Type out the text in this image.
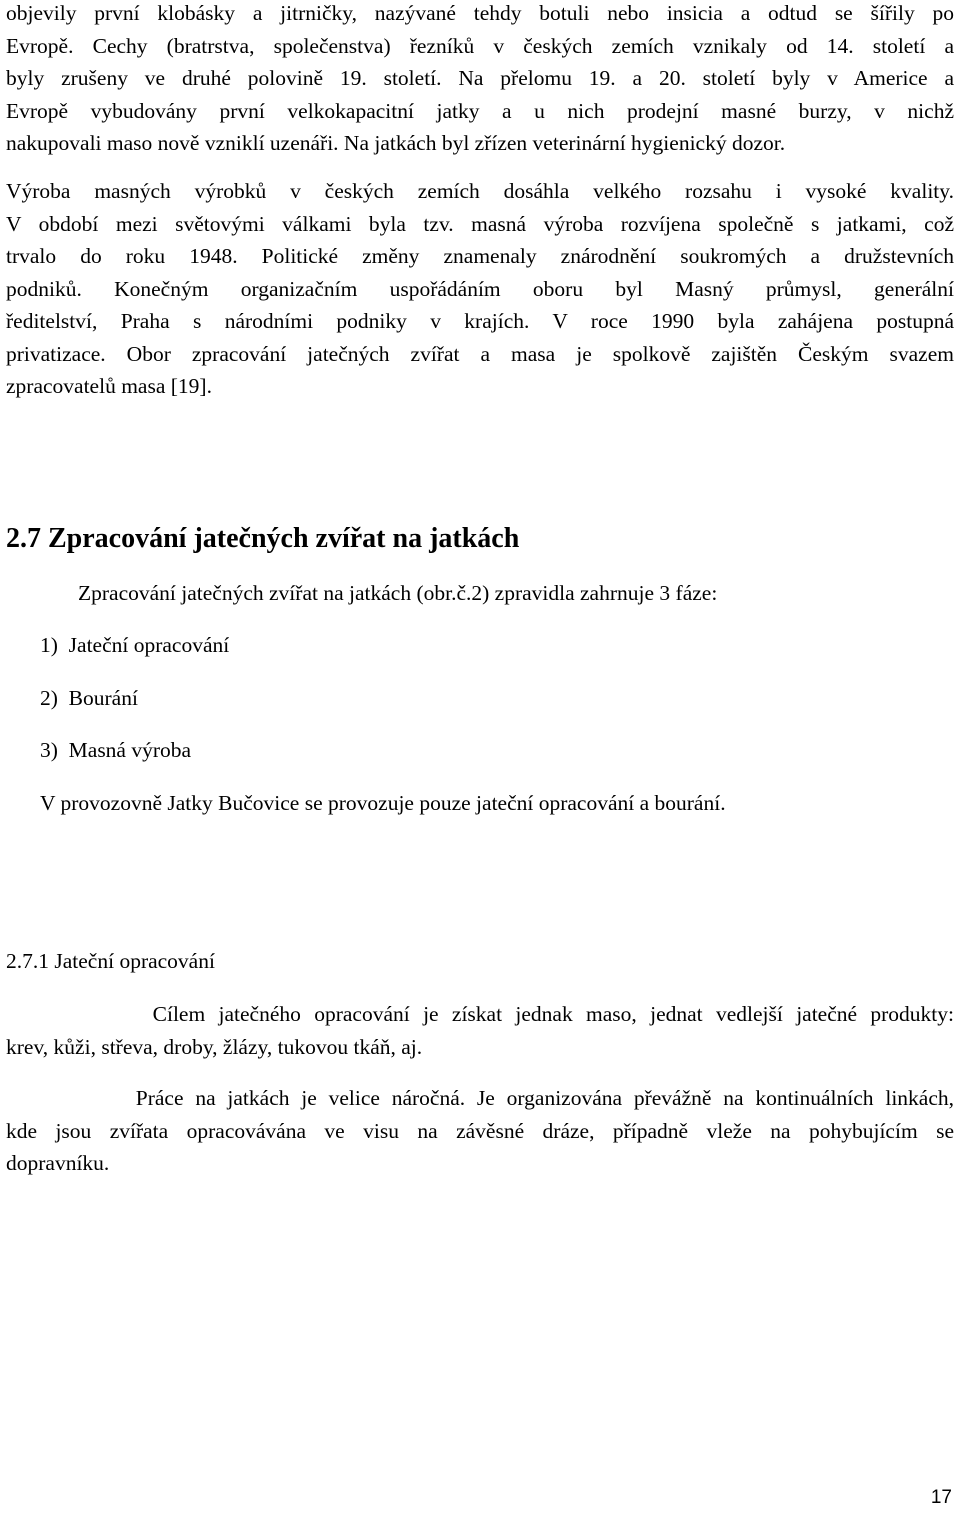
objevily první klobásky a jitrničky, nazývané tehdy botuli nebo insicia a odtud se šířily po
Evropě. Cechy (bratrstva, společenstva) řezníků v českých zemích vznikaly od 14. století a
byly zrušeny ve druhé polovině 19. století. Na přelomu 19. a 20. století byly v Americe a
Evropě vybudovány první velkokapacitní jatky a u nich prodejní masné burzy, v nichž
nakupovali maso nově vzniklí uzenáři. Na jatkách byl zřízen veterinární hygienický dozor.
Výroba masných výrobků v českých zemích dosáhla velkého rozsahu i vysoké kvality.
V období mezi světovými válkami byla tzv. masná výroba rozvíjena společně s jatkami, což
trvalo do roku 1948. Politické změny znamenaly znárodnění soukromých a družstevních
podniků. Konečným organizačním uspořádáním oboru byl Masný průmysl, generální
ředitelství, Praha s národními podniky v krajích. V roce 1990 byla zahájena postupná
privatizace. Obor zpracování jatečných zvířat a masa je spolkově zajištěn Českým svazem
zpracovatelů masa [19].
2.7 Zpracování jatečných zvířat na jatkách

Zpracování jatečných zvířat na jatkách (obr.č.2) zpravidla zahrnuje 3 fáze:

1)  Jateční opracování

2)  Bourání

3)  Masná výroba

V provozovně Jatky Bučovice se provozuje pouze jateční opracování a bourání.

2.7.1 Jateční opracování

Cílem jatečného opracování je získat jednak maso, jednat vedlejší jatečné produkty:
krev, kůži, střeva, droby, žlázy, tukovou tkáň, aj.
Práce na jatkách je velice náročná. Je organizována převážně na kontinuálních linkách,
kde jsou zvířata opracovávána ve visu na závěsné dráze, případně vleže na pohybujícím se
dopravníku.

17
